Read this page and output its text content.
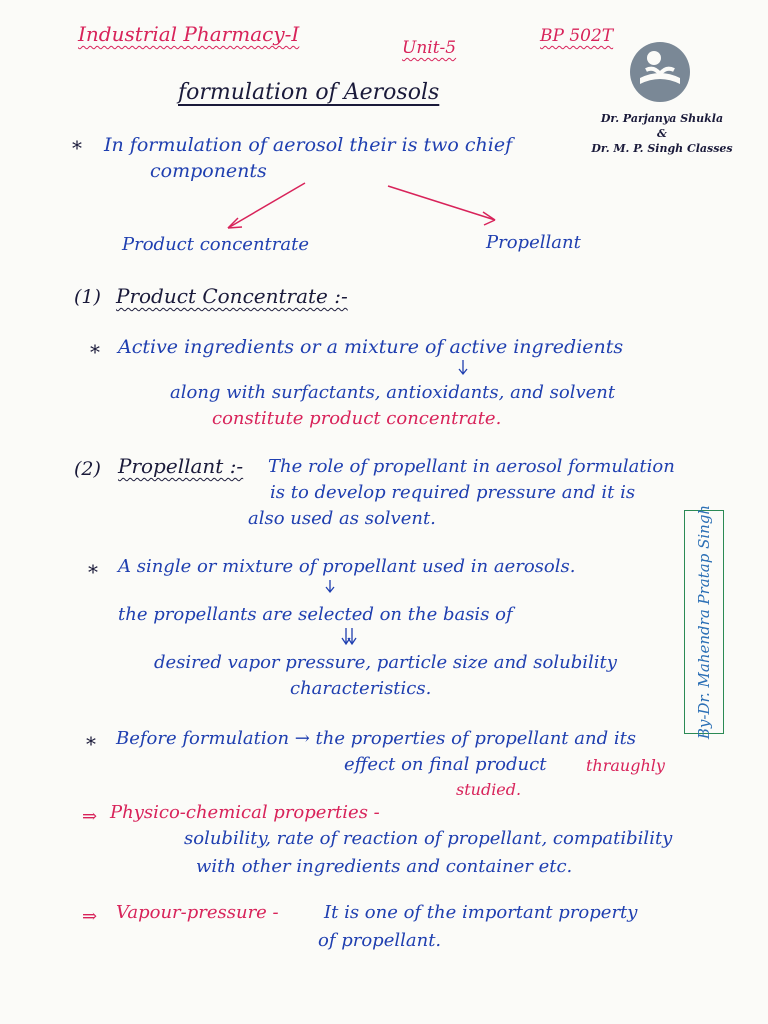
Industrial Pharmacy-I
Unit-5
BP 502T
Dr. Parjanya Shukla
&
Dr. M. P. Singh Classes
formulation of Aerosols
* In formulation of aerosol their is two chief
components
Product concentrate	Propellant
(1) Product Concentrate :-
* Active ingredients or a mixture of active ingredients
along with surfactants, antioxidants, and solvent
constitute product concentrate.
(2) Propellant :- The role of propellant in aerosol formulation
is to develop required pressure and it is
also used as solvent.
* A single or mixture of propellant used in aerosols.
the propellants are selected on the basis of
desired vapor pressure, particle size and solubility
characteristics.
* Before formulation → the properties of propellant and its
effect on final product thraughly
studied.
By-Dr. Mahendra Pratap Singh
⇒ Physico-chemical properties -
solubility, rate of reaction of propellant, compatibility
with other ingredients and container etc.
⇒ Vapour-pressure -	It is one of the important property
of propellant.
